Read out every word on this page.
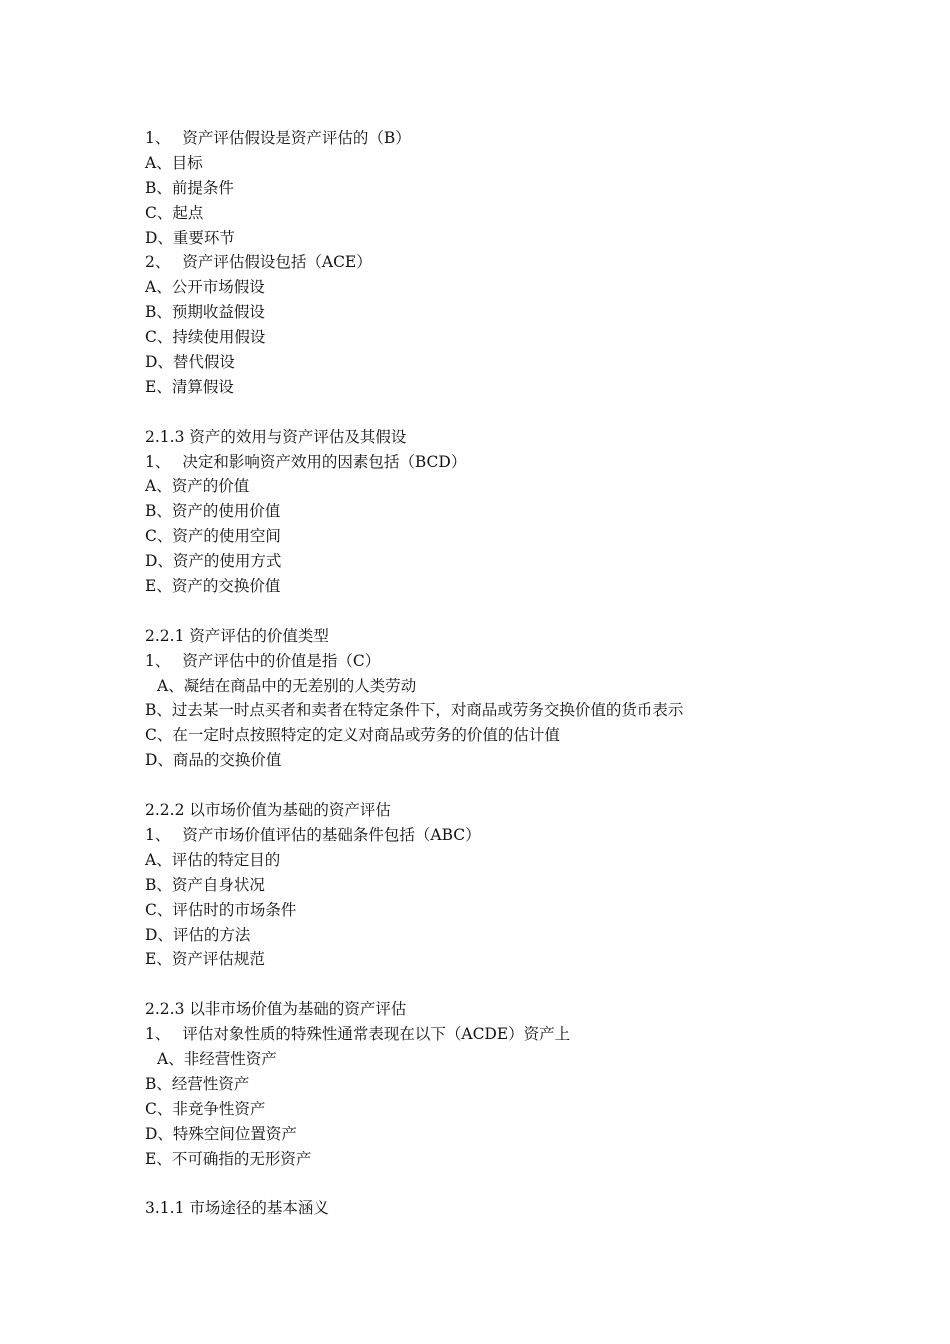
1、 资产评估假设是资产评估的（B）
A、目标
B、前提条件
C、起点
D、重要环节
2、 资产评估假设包括（ACE）
A、公开市场假设
B、预期收益假设
C、持续使用假设
D、替代假设
E、清算假设
2.1.3 资产的效用与资产评估及其假设
1、 决定和影响资产效用的因素包括（BCD）
A、资产的价值
B、资产的使用价值
C、资产的使用空间
D、资产的使用方式
E、资产的交换价值
2.2.1 资产评估的价值类型
1、 资产评估中的价值是指（C）
A、凝结在商品中的无差别的人类劳动
B、过去某一时点买者和卖者在特定条件下，对商品或劳务交换价值的货币表示
C、在一定时点按照特定的定义对商品或劳务的价值的估计值
D、商品的交换价值
2.2.2 以市场价值为基础的资产评估
1、 资产市场价值评估的基础条件包括（ABC）
A、评估的特定目的
B、资产自身状况
C、评估时的市场条件
D、评估的方法
E、资产评估规范
2.2.3 以非市场价值为基础的资产评估
1、 评估对象性质的特殊性通常表现在以下（ACDE）资产上
A、非经营性资产
B、经营性资产
C、非竞争性资产
D、特殊空间位置资产
E、不可确指的无形资产
3.1.1 市场途径的基本涵义
